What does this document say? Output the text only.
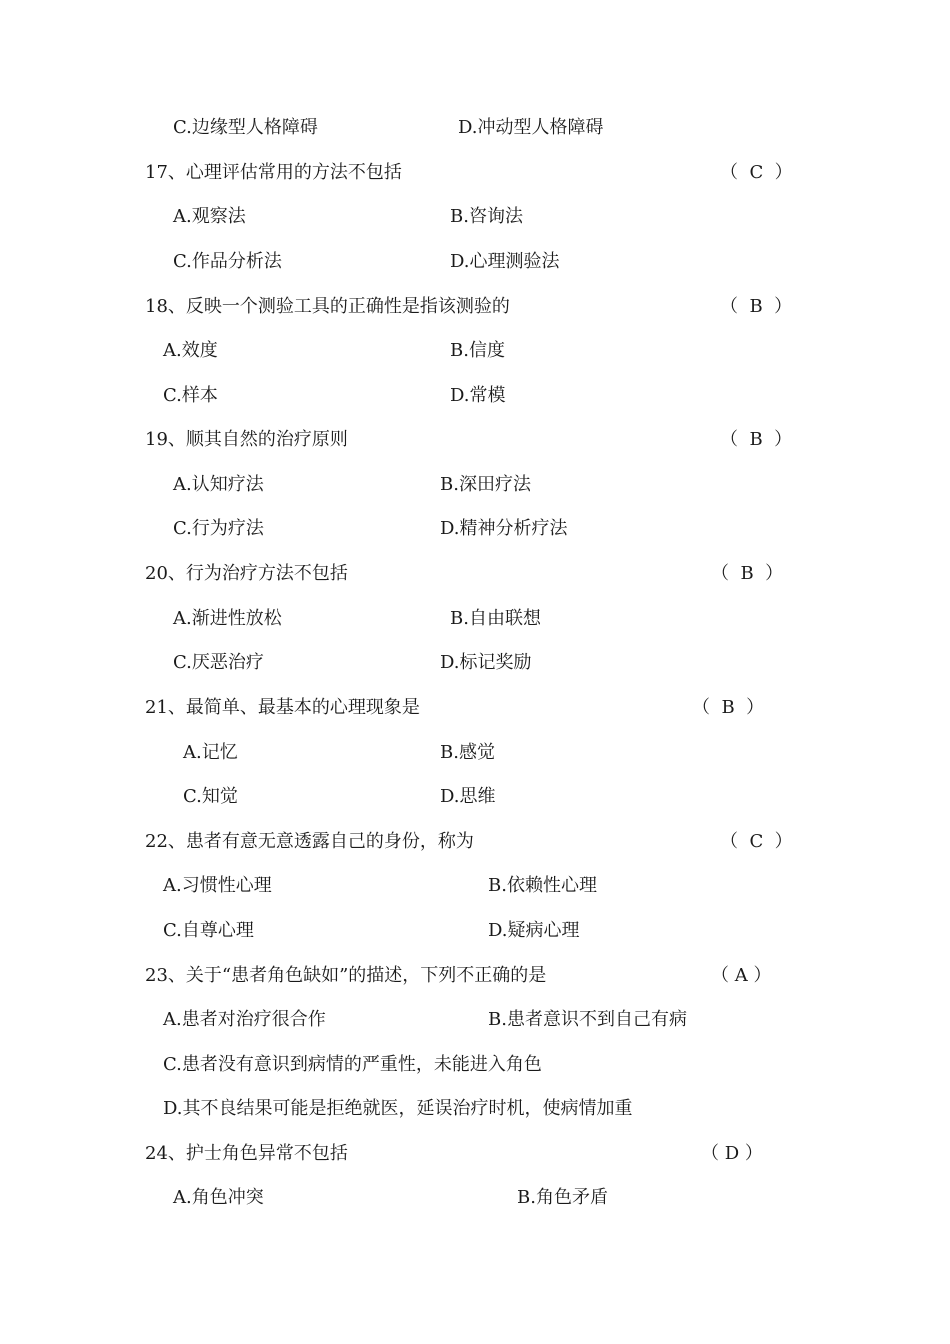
C.边缘型人格障碍	D.冲动型人格障碍
17、心理评估常用的方法不包括	（  C  ）
A.观察法	B.咨询法
C.作品分析法	D.心理测验法
18、反映一个测验工具的正确性是指该测验的	（  B  ）
A.效度	B.信度
C.样本	D.常模
19、顺其自然的治疗原则	（  B  ）
A.认知疗法	B.深田疗法
C.行为疗法	D.精神分析疗法
20、行为治疗方法不包括	（  B  ）
A.渐进性放松	B.自由联想
C.厌恶治疗	D.标记奖励
21、最简单、最基本的心理现象是	（  B  ）
A.记忆	B.感觉
C.知觉	D.思维
22、患者有意无意透露自己的身份，称为	（  C  ）
A.习惯性心理	B.依赖性心理
C.自尊心理	D.疑病心理
23、关于“患者角色缺如”的描述，下列不正确的是	（ A ）
A.患者对治疗很合作	B.患者意识不到自己有病
C.患者没有意识到病情的严重性，未能进入角色
D.其不良结果可能是拒绝就医，延误治疗时机，使病情加重
24、护士角色异常不包括	（ D ）
A.角色冲突	B.角色矛盾
